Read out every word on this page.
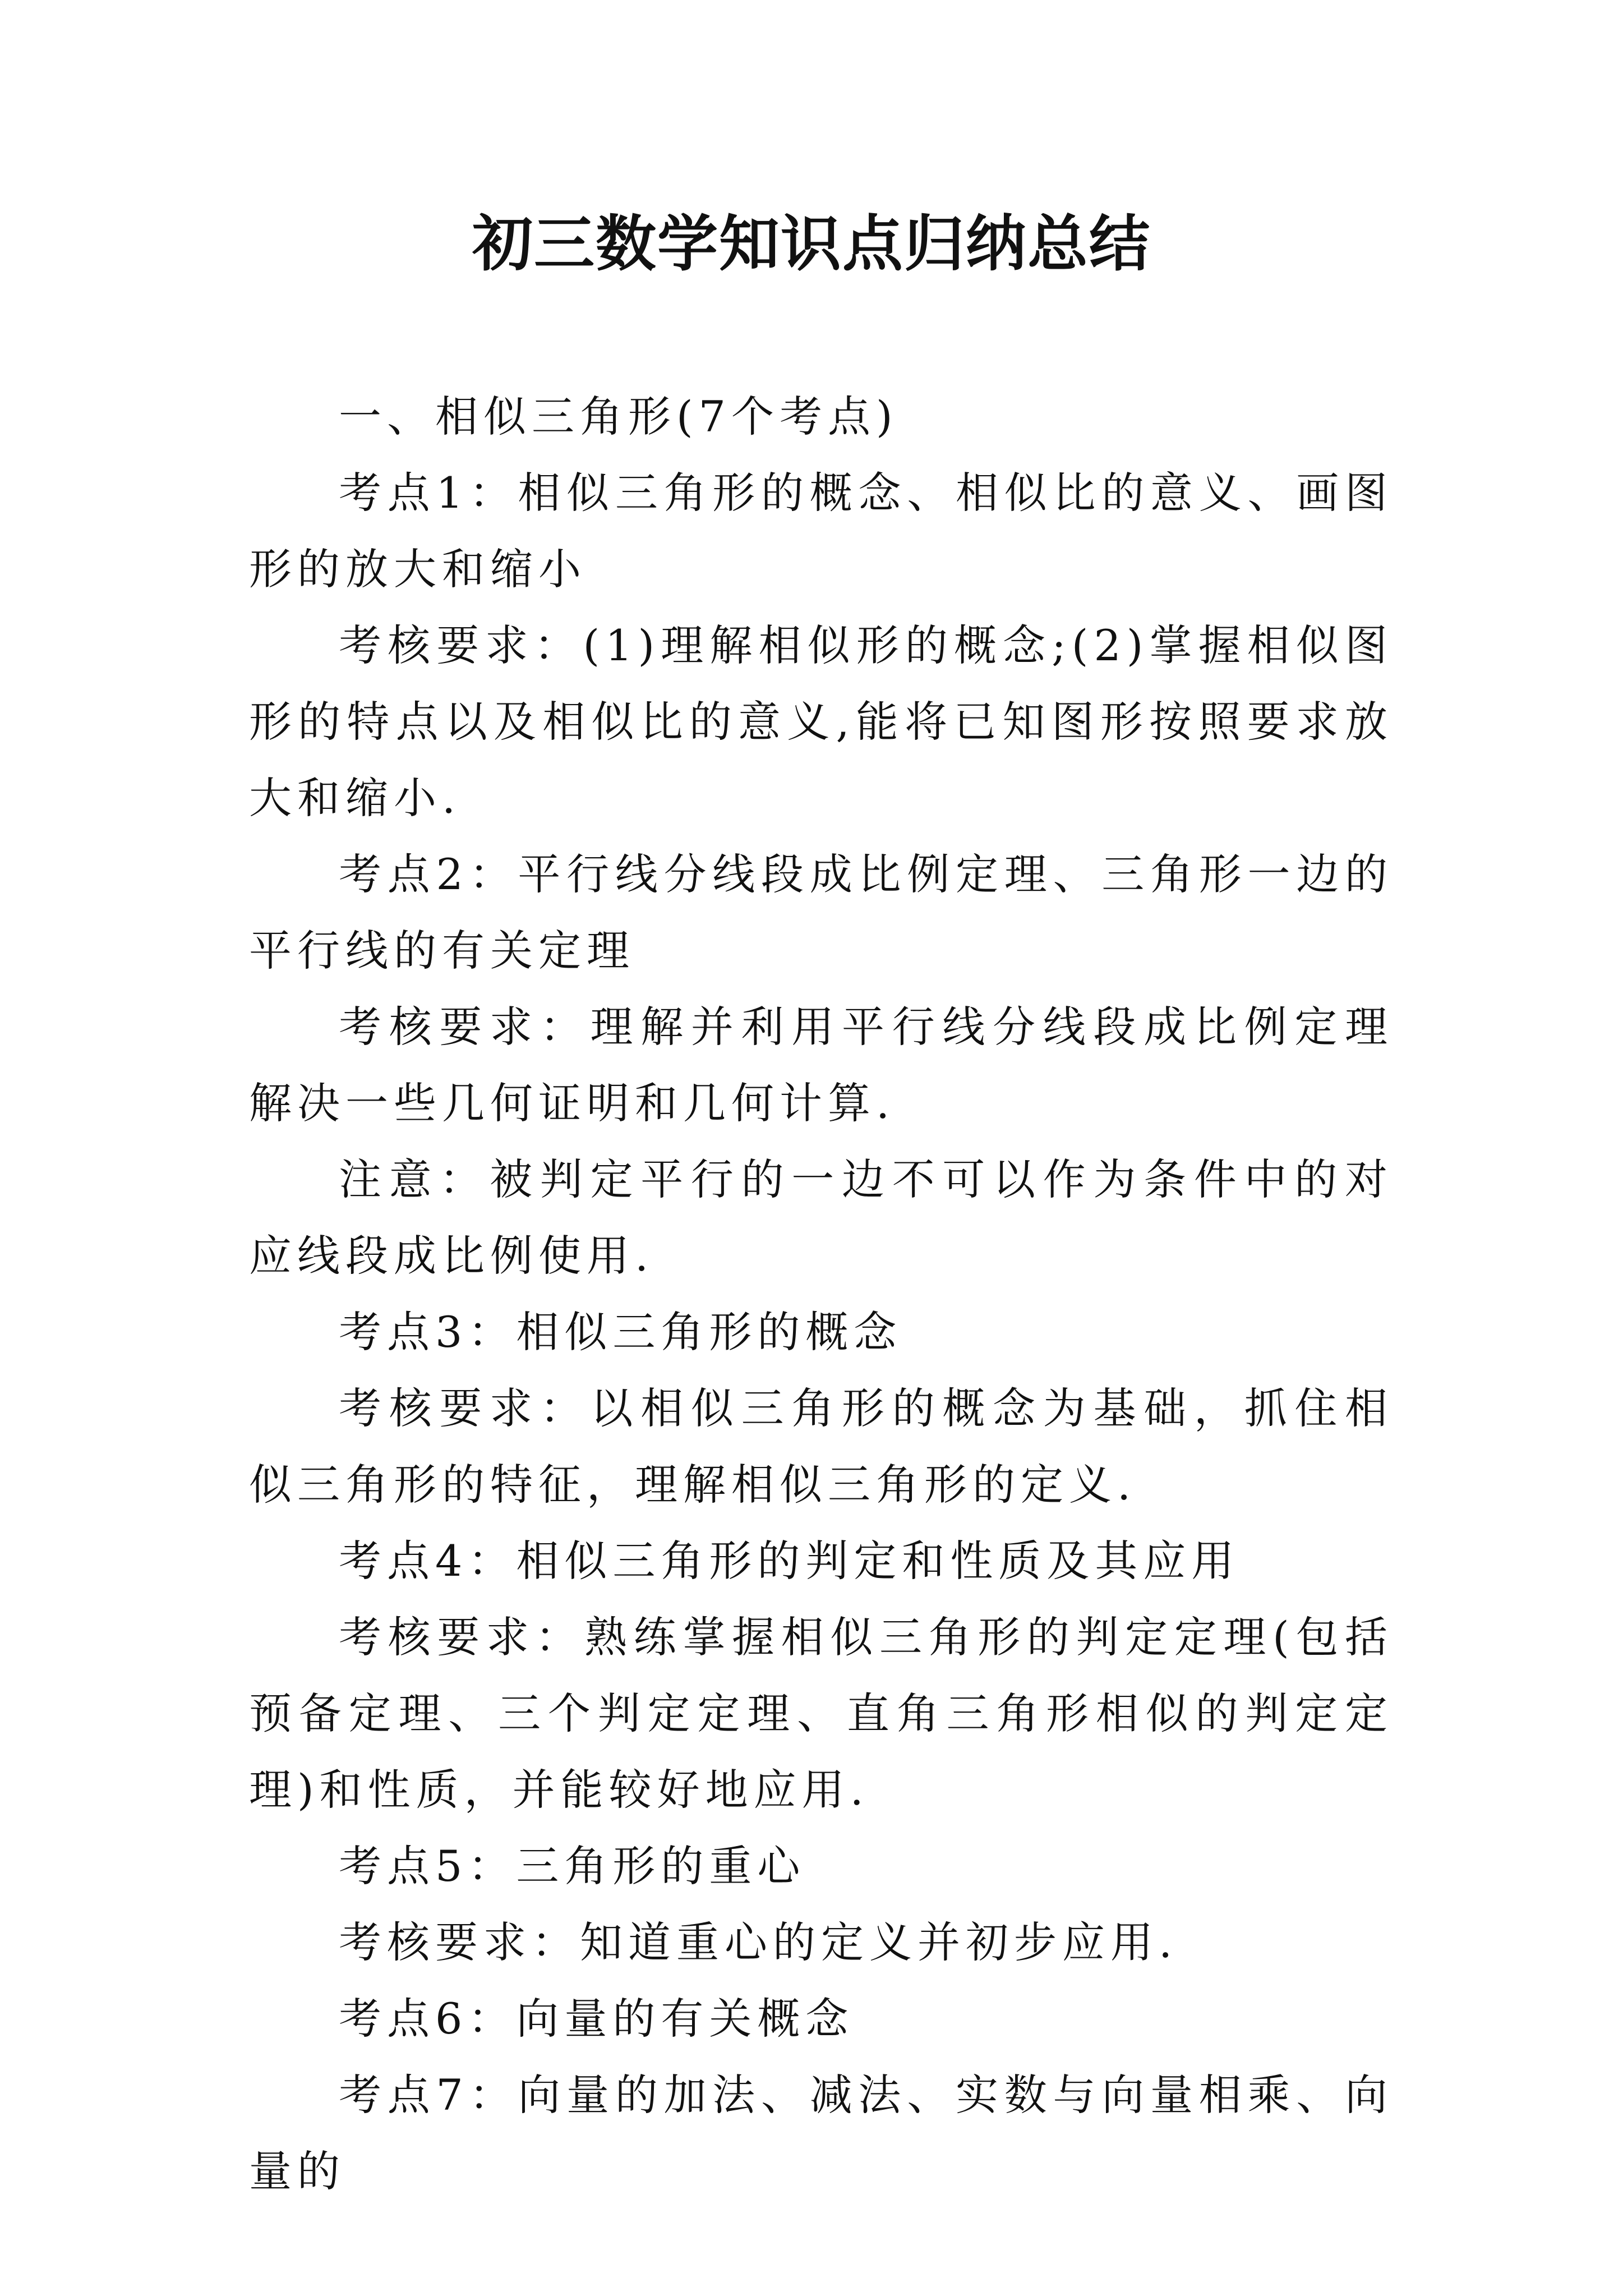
初三数学知识点归纳总结

一、相似三角形(7个考点)

考点1：相似三角形的概念、相似比的意义、画图形的放大和缩小

考核要求：(1)理解相似形的概念;(2)掌握相似图形的特点以及相似比的意义,能将已知图形按照要求放大和缩小.

考点2：平行线分线段成比例定理、三角形一边的平行线的有关定理

考核要求：理解并利用平行线分线段成比例定理解决一些几何证明和几何计算.

注意：被判定平行的一边不可以作为条件中的对应线段成比例使用.

考点3：相似三角形的概念

考核要求：以相似三角形的概念为基础，抓住相似三角形的特征，理解相似三角形的定义.

考点4：相似三角形的判定和性质及其应用

考核要求：熟练掌握相似三角形的判定定理(包括预备定理、三个判定定理、直角三角形相似的判定定理)和性质，并能较好地应用.

考点5：三角形的重心

考核要求：知道重心的定义并初步应用.

考点6：向量的有关概念

考点7：向量的加法、减法、实数与向量相乘、向量的
